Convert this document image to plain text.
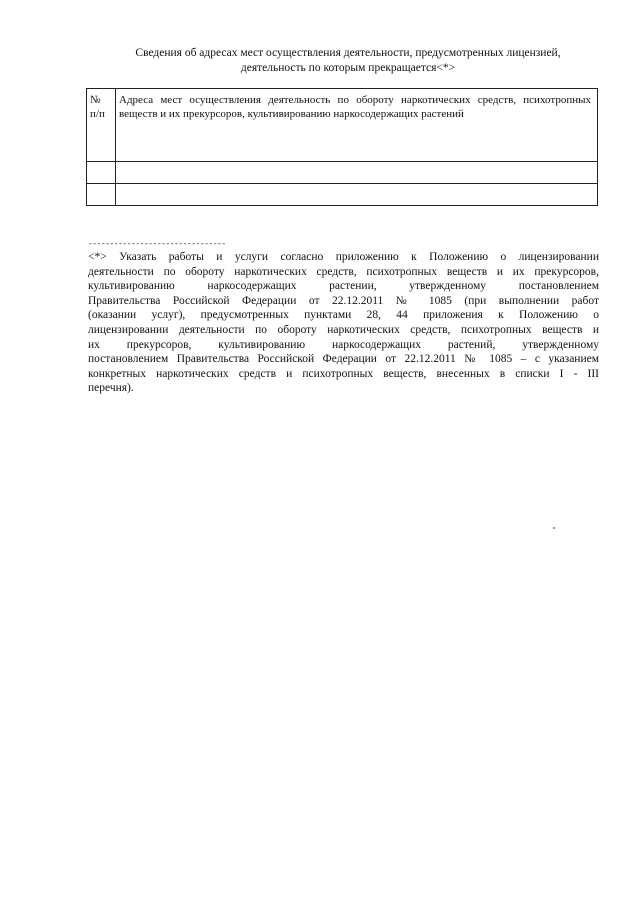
Сведения об адресах мест осуществления деятельности, предусмотренных лицензией,
деятельность по которым прекращается<*>
№ п/п	Адреса мест осуществления деятельность по обороту наркотических средств, психотропных веществ и их прекурсоров, культивированию наркосодержащих растений

--------------------------------
<*> Указать работы и услуги согласно приложению к Положению о лицензировании
деятельности по обороту наркотических средств, психотропных веществ и их прекурсоров,
культивированию наркосодержащих растении, утвержденному постановлением
Правительства Российской Федерации от 22.12.2011 № 1085 (при выполнении работ
(оказании услуг), предусмотренных пунктами 28, 44 приложения к Положению о
лицензировании деятельности по обороту наркотических средств, психотропных веществ и
их прекурсоров, культивированию наркосодержащих растений, утвержденному
постановлением Правительства Российской Федерации от 22.12.2011 № 1085 – с указанием
конкретных наркотических средств и психотропных веществ, внесенных в списки I - III
перечня).
